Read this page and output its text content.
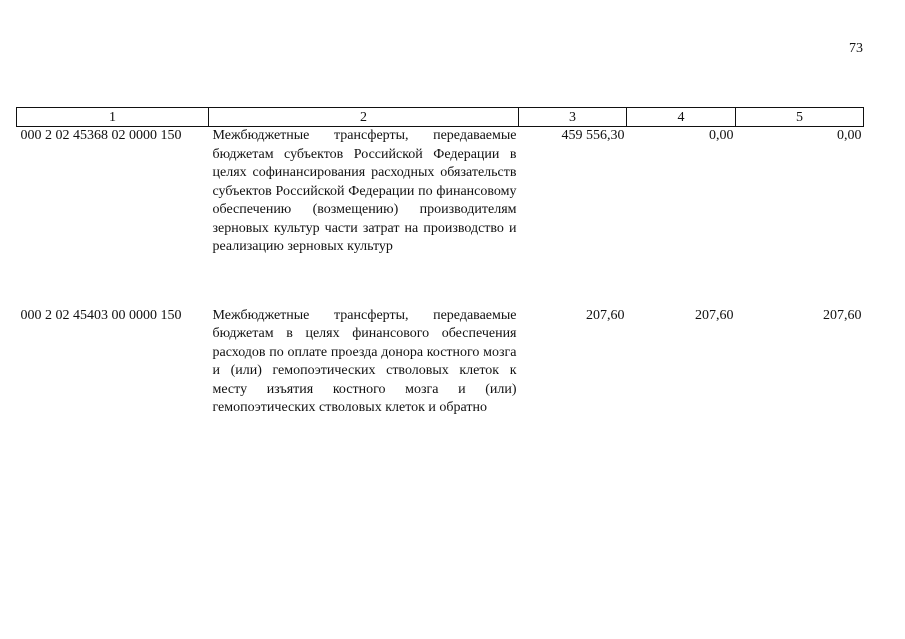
73
1	2	3	4	5
000 2 02 45368 02 0000 150	Межбюджетные трансферты, передаваемые бюджетам субъектов Российской Федерации в целях софинансирования расходных обязательств субъектов Российской Федерации по финансовому обеспечению (возмещению) производителям зерновых культур части затрат на производство и реализацию зерновых культур	459 556,30	0,00	0,00
000 2 02 45403 00 0000 150	Межбюджетные трансферты, передаваемые бюджетам в целях финансового обеспечения расходов по оплате проезда донора костного мозга и (или) гемопоэтических стволовых клеток к месту изъятия костного мозга и (или) гемопоэтических стволовых клеток и обратно	207,60	207,60	207,60
